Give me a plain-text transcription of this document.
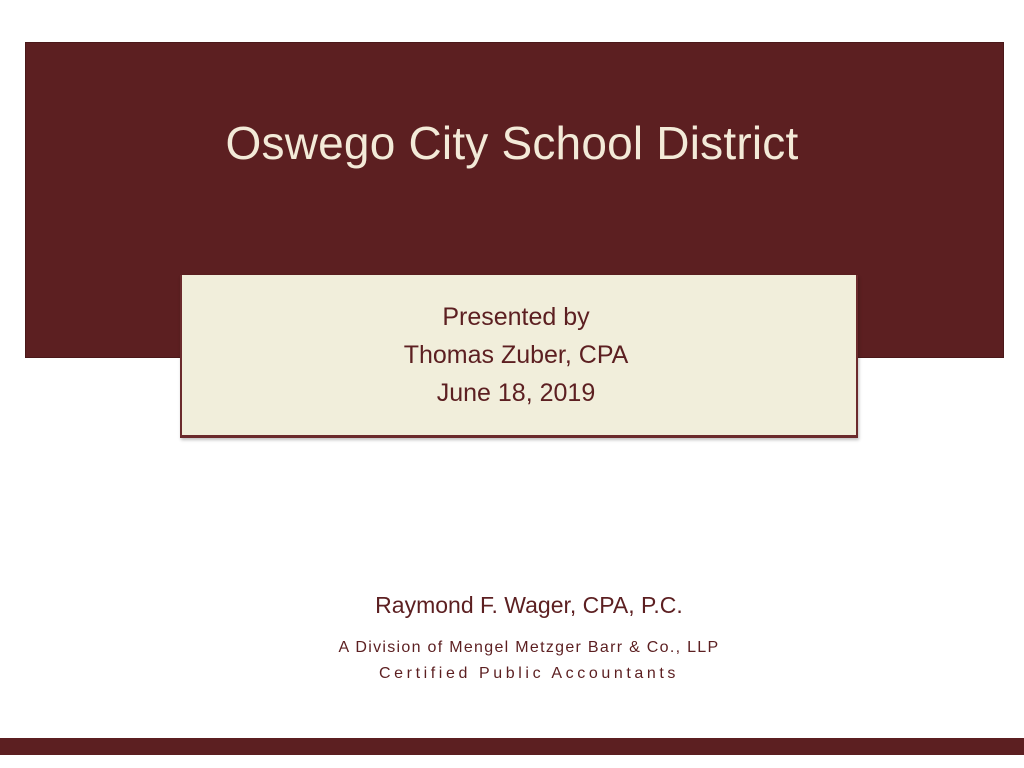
Oswego City School District
Presented by
Thomas Zuber, CPA
June 18, 2019
Raymond F. Wager, CPA, P.C.
A Division of Mengel Metzger Barr & Co., LLP
Certified Public Accountants
